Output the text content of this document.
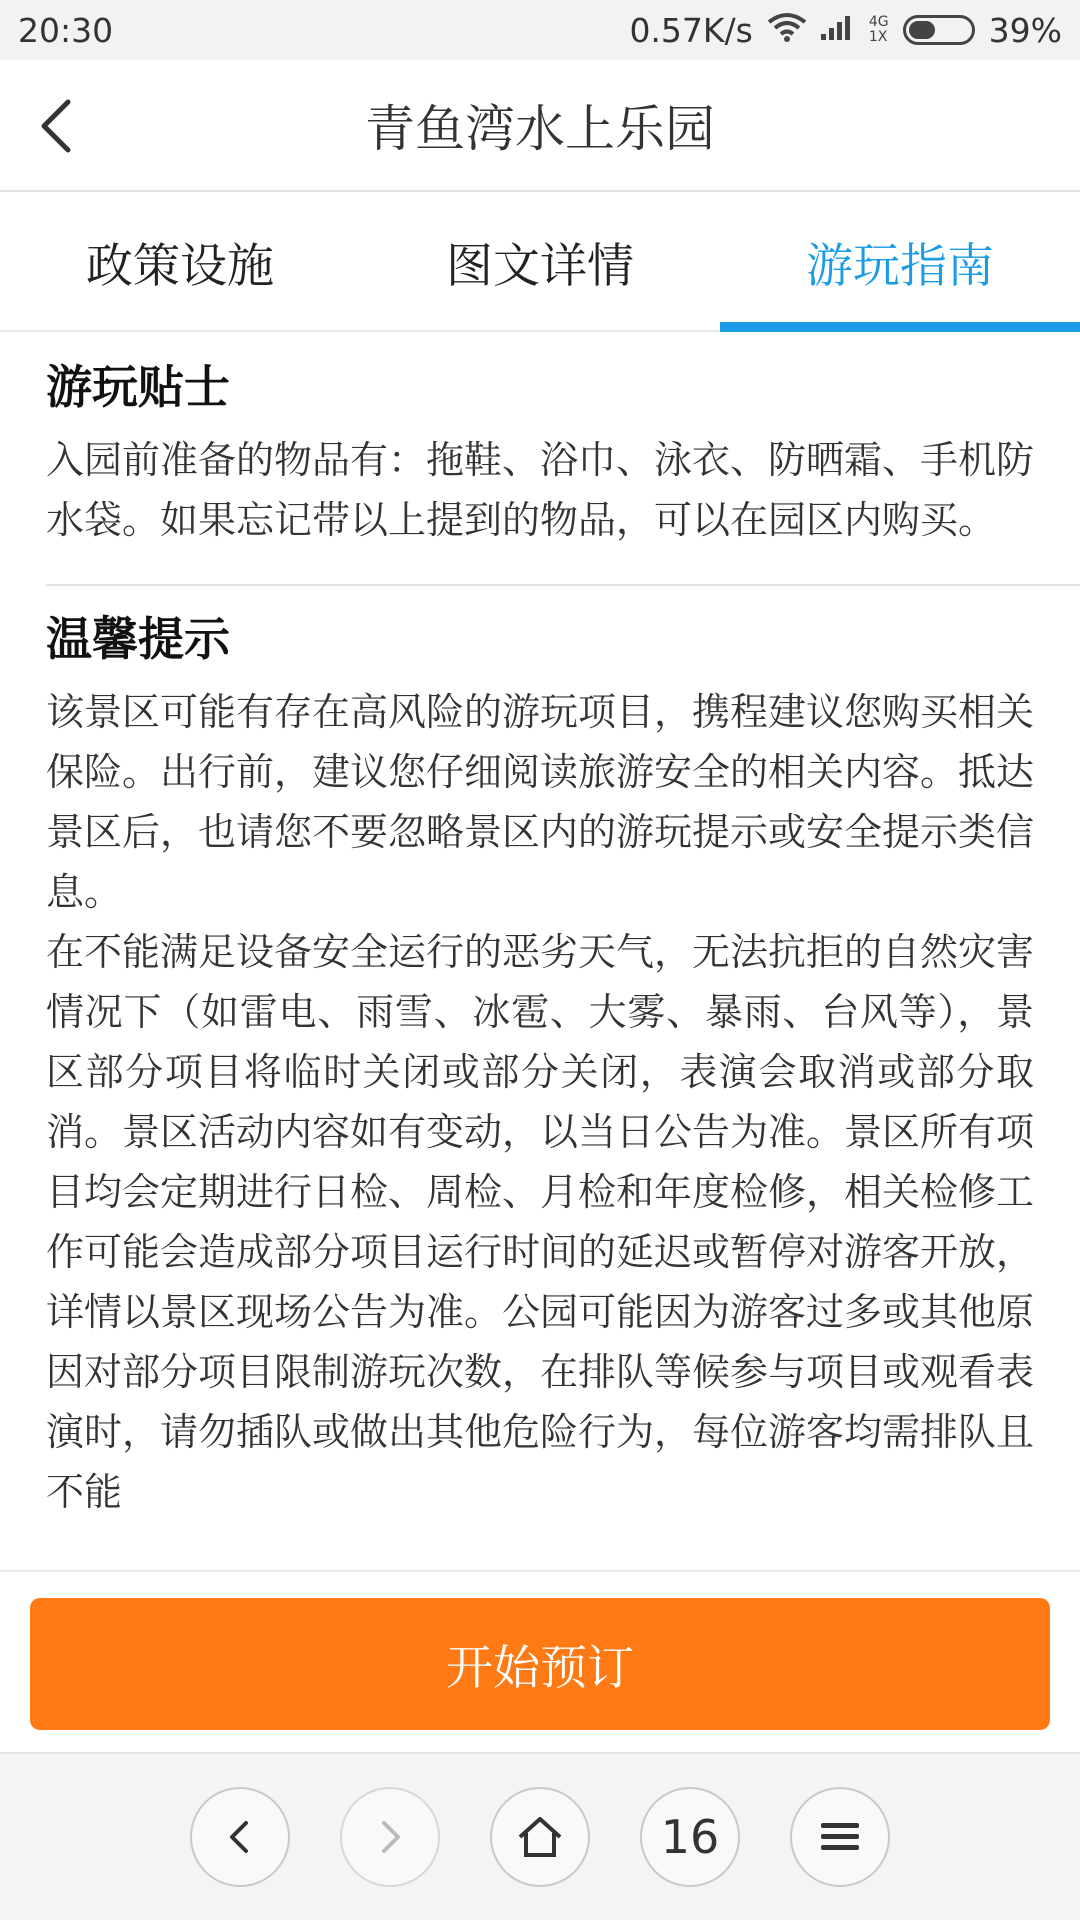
20:30	0.57K/s	4G
1X	39%
青鱼湾水上乐园
政策设施	图文详情	游玩指南
游玩贴士

入园前准备的物品有：拖鞋、浴巾、泳衣、防晒霜、手机防水袋。如果忘记带以上提到的物品，可以在园区内购买。

温馨提示

该景区可能有存在高风险的游玩项目，携程建议您购买相关保险。出行前，建议您仔细阅读旅游安全的相关内容。抵达景区后，也请您不要忽略景区内的游玩提示或安全提示类信息。

在不能满足设备安全运行的恶劣天气，无法抗拒的自然灾害情况下（如雷电、雨雪、冰雹、大雾、暴雨、台风等），景区部分项目将临时关闭或部分关闭，表演会取消或部分取消。景区活动内容如有变动，以当日公告为准。景区所有项目均会定期进行日检、周检、月检和年度检修，相关检修工作可能会造成部分项目运行时间的延迟或暂停对游客开放，详情以景区现场公告为准。公园可能因为游客过多或其他原因对部分项目限制游玩次数，在排队等候参与项目或观看表演时，请勿插队或做出其他危险行为，每位游客均需排队且不能

开始预订
16
